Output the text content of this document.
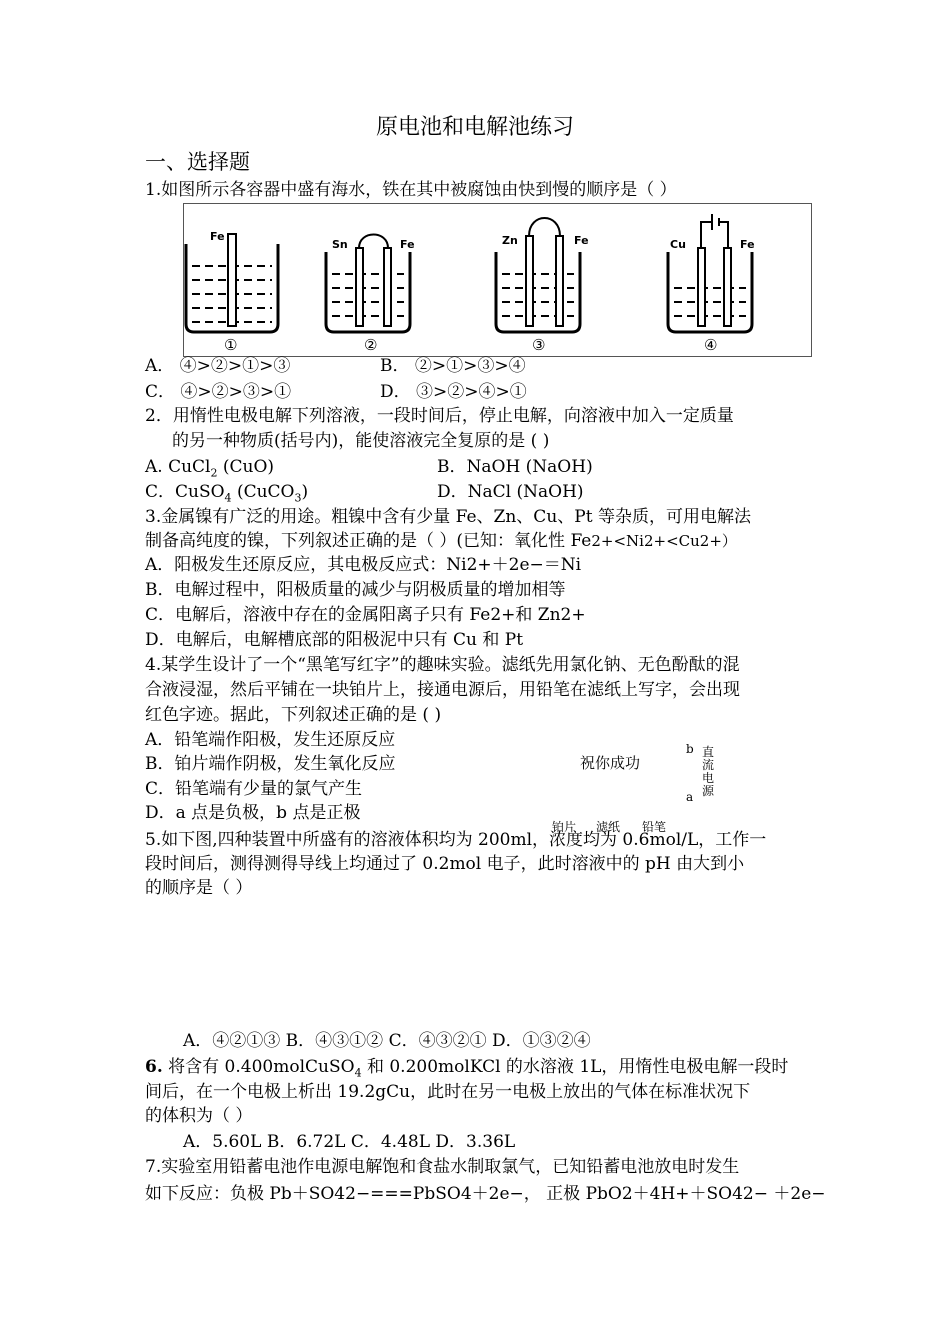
原电池和电解池练习
一、选择题
1.如图所示各容器中盛有海水，铁在其中被腐蚀由快到慢的顺序是（ ）
Fe
Sn	Fe	Zn	Fe	Cu	Fe
①	②	③	④
A． ④>②>①>③	B． ②>①>③>④
C． ④>②>③>①	D． ③>②>④>①
2．用惰性电极电解下列溶液，一段时间后，停止电解，向溶液中加入一定质量
的另一种物质(括号内)，能使溶液完全复原的是 ( )
A. CuCl$_2$ (CuO)	B．NaOH (NaOH)
C．CuSO$_4$ (CuCO$_3$)	D．NaCl (NaOH)
3.金属镍有广泛的用途。粗镍中含有少量 Fe、Zn、Cu、Pt 等杂质，可用电解法
制备高纯度的镍，下列叙述正确的是（ ）(已知：氧化性 Fe2+<Ni2+<Cu2+）
A．阳极发生还原反应，其电极反应式：Ni2+＋2e−＝Ni
B．电解过程中，阳极质量的减少与阴极质量的增加相等
C．电解后，溶液中存在的金属阳离子只有 Fe2+和 Zn2+
D．电解后，电解槽底部的阳极泥中只有 Cu 和 Pt
4.某学生设计了一个“黑笔写红字”的趣味实验。滤纸先用氯化钠、无色酚酞的混
合液浸湿，然后平铺在一块铂片上，接通电源后，用铅笔在滤纸上写字，会出现
红色字迹。据此，下列叙述正确的是 ( )
A．铅笔端作阳极，发生还原反应
B．铂片端作阴极，发生氧化反应
C．铅笔端有少量的氯气产生
D．a 点是负极，b 点是正极
祝你成功
b 直流电源
a
铂片 滤纸 铅笔
5.如下图,四种装置中所盛有的溶液体积均为 200ml，浓度均为 0.6mol/L，工作一
段时间后，测得测得导线上均通过了 0.2mol 电子，此时溶液中的 pH 由大到小
的顺序是（ ）
A．④②①③ B．④③①② C．④③②① D．①③②④
6. 将含有 0.400molCuSO$_4$ 和 0.200molKCl 的水溶液 1L，用惰性电极电解一段时
间后，在一个电极上析出 19.2gCu，此时在另一电极上放出的气体在标准状况下
的体积为（ ）
A．5.60L B．6.72L C．4.48L D．3.36L
7.实验室用铅蓄电池作电源电解饱和食盐水制取氯气，已知铅蓄电池放电时发生
如下反应：负极 Pb＋SO42−===PbSO4＋2e−， 正极 PbO2＋4H+＋SO42− ＋2e−
